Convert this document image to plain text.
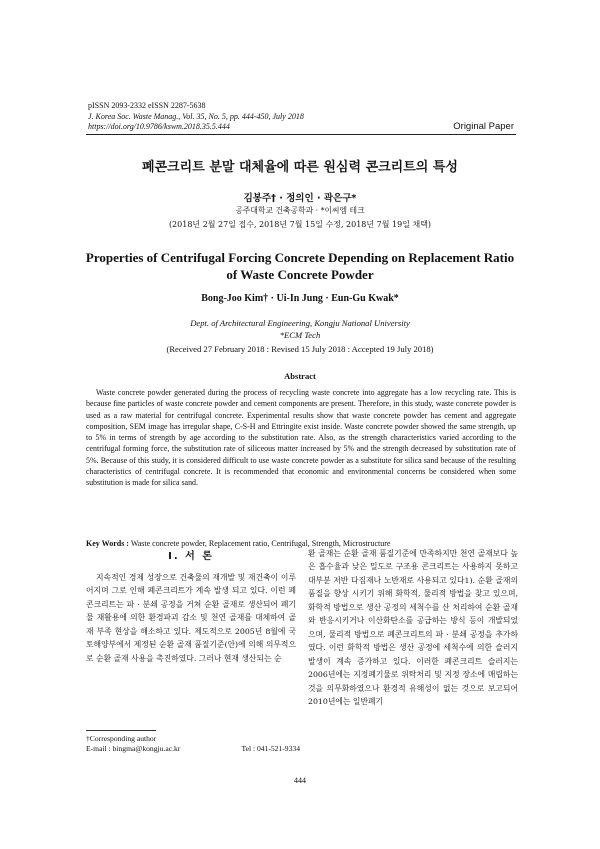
pISSN 2093-2332 eISSN 2287-5638
J. Korea Soc. Waste Manag., Vol. 35, No. 5, pp. 444-450, July 2018
https://doi.org/10.9786/kswm.2018.35.5.444	Original Paper
폐콘크리트 분말 대체율에 따른 원심력 콘크리트의 특성
김봉주† · 정의인 · 곽은구*
공주대학교 건축공학과 · *이씨엠 테크
(2018년 2월 27일 접수, 2018년 7월 15일 수정, 2018년 7월 19일 채택)
Properties of Centrifugal Forcing Concrete Depending on Replacement Ratio
of Waste Concrete Powder
Bong-Joo Kim† · Ui-In Jung · Eun-Gu Kwak*
Dept. of Architectural Engineering, Kongju National University
*ECM Tech
(Received 27 February 2018 : Revised 15 July 2018 : Accepted 19 July 2018)
Abstract
Waste concrete powder generated during the process of recycling waste concrete into aggregate has a low recycling rate. This is because fine particles of waste concrete powder and cement components are present. Therefore, in this study, waste concrete powder is used as a raw material for centrifugal concrete. Experimental results show that waste concrete powder has cement and aggregate composition, SEM image has irregular shape, C-S-H and Ettringite exist inside. Waste concrete powder showed the same strength, up to 5% in terms of strength by age according to the substitution rate. Also, as the strength characteristics varied according to the centrifugal forming force, the substitution rate of siliceous matter increased by 5% and the strength decreased by substitution rate of 5%. Because of this study, it is considered difficult to use waste concrete powder as a substitute for silica sand because of the resulting characteristics of centrifugal concrete. It is recommended that economic and environmental concerns be considered when some substitution is made for silica sand.
Key Words : Waste concrete powder, Replacement ratio, Centrifugal, Strength, Microstructure
I. 서 론
지속적인 경제 성장으로 건축물의 재개발 및 재건축이 이루어지며 그로 인해 폐콘크리트가 계속 발생 되고 있다. 이런 폐콘크리트는 파 · 분쇄 공정을 거쳐 순환 골재로 생산되어 폐기물 재활용에 의한 환경파괴 감소 및 천연 골재를 대체하여 골재 부족 현상을 해소하고 있다. 제도적으로 2005년 8월에 국토해양부에서 제정된 순환 골재 품질기준(안)에 의해 의무적으로 순환 골재 사용을 촉진하였다. 그러나 현재 생산되는 순
환 골재는 순환 골재 품질기준에 만족하지만 천연 골재보다 높은 흡수율과 낮은 밀도로 구조용 콘크리트는 사용하지 못하고 대부분 저반 다짐재나 노반재로 사용되고 있다1). 순환 골재의 품질을 향상 시키기 위해 화학적, 물리적 방법을 찾고 있으며, 화학적 방법으로 생산 공정의 세척수를 산 처리하여 순환 골재와 반응시키거나 이산화탄소를 공급하는 방식 등이 개발되었으며, 물리적 방법으로 폐콘크리트의 파 · 분쇄 공정을 추가하였다. 이런 화학적 방법은 생산 공정에 세척수에 의한 슬러지 발생이 계속 증가하고 있다. 이러한 폐콘크리트 슬러지는 2006년에는 지정폐기물로 위탁처리 및 지정 장소에 매립하는 것을 의무화하였으나 환경적 유해성이 없는 것으로 보고되어 2010년에는 일반폐기
†Corresponding author
E-mail : bingma@kongju.ac.kr	Tel : 041-521-9334
444
